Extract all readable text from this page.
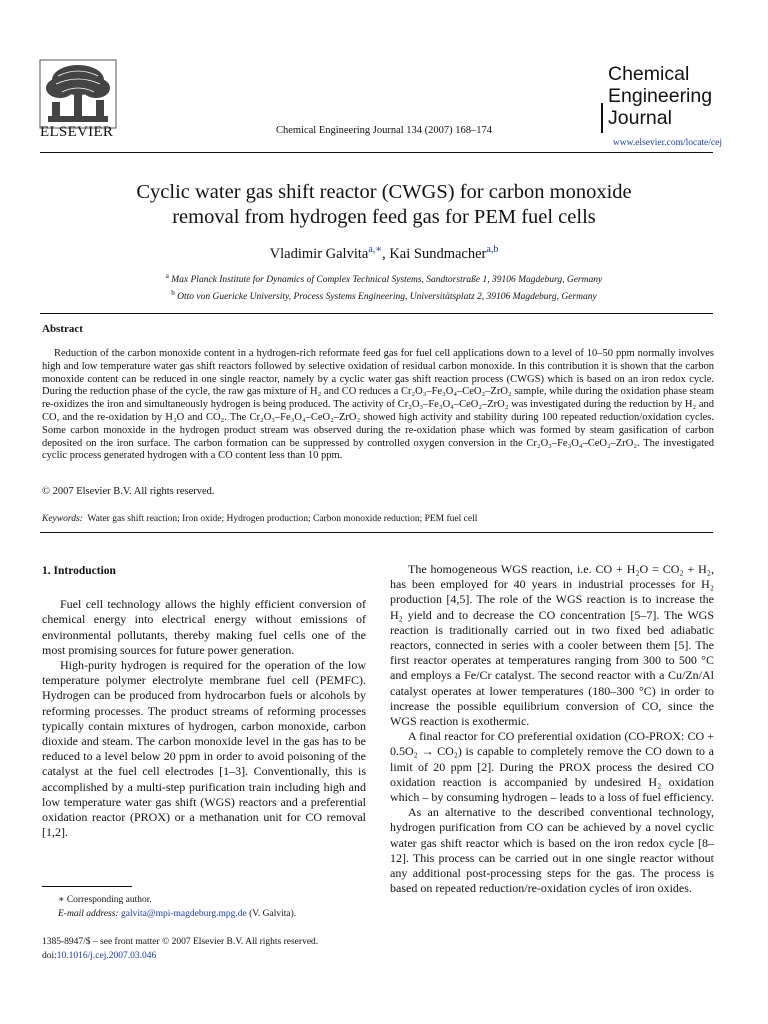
ELSEVIER	Chemical Engineering Journal 134 (2007) 168–174
Chemical
Engineering
Journal
www.elsevier.com/locate/cej
Cyclic water gas shift reactor (CWGS) for carbon monoxide
removal from hydrogen feed gas for PEM fuel cells
Vladimir Galvita$^{a,∗}$, Kai Sundmacher$^{a,b}$
$^a$ Max Planck Institute for Dynamics of Complex Technical Systems, Sandtorstraße 1, 39106 Magdeburg, Germany
$^b$ Otto von Guericke University, Process Systems Engineering, Universitätsplatz 2, 39106 Magdeburg, Germany
Abstract
Reduction of the carbon monoxide content in a hydrogen-rich reformate feed gas for fuel cell applications down to a level of 10–50 ppm normally involves high and low temperature water gas shift reactors followed by selective oxidation of residual carbon monoxide. In this contribution it is shown that the carbon monoxide content can be reduced in one single reactor, namely by a cyclic water gas shift reaction process (CWGS) which is based on an iron redox cycle. During the reduction phase of the cycle, the raw gas mixture of H₂ and CO reduces a Cr₂O₃–Fe₃O₄–CeO₂–ZrO₂ sample, while during the oxidation phase steam re-oxidizes the iron and simultaneously hydrogen is being produced. The activity of Cr₂O₃–Fe₃O₄–CeO₂–ZrO₂ was investigated during the reduction by H₂ and CO, and the re-oxidation by H₂O and CO₂. The Cr₂O₃–Fe₃O₄–CeO₂–ZrO₂ showed high activity and stability during 100 repeated reduction/oxidation cycles. Some carbon monoxide in the hydrogen product stream was observed during the re-oxidation phase which was formed by steam gasification of carbon deposited on the iron surface. The carbon formation can be suppressed by controlled oxygen conversion in the Cr₂O₃–Fe₃O₄–CeO₂–ZrO₂. The investigated cyclic process generated hydrogen with a CO content less than 10 ppm.
© 2007 Elsevier B.V. All rights reserved.
Keywords: Water gas shift reaction; Iron oxide; Hydrogen production; Carbon monoxide reduction; PEM fuel cell
1. Introduction

Fuel cell technology allows the highly efficient conversion of chemical energy into electrical energy without emissions of environmental pollutants, thereby making fuel cells one of the most promising sources for future power generation.

High-purity hydrogen is required for the operation of the low temperature polymer electrolyte membrane fuel cell (PEMFC). Hydrogen can be produced from hydrocarbon fuels or alcohols by reforming processes. The product streams of reforming processes typically contain mixtures of hydrogen, carbon monoxide, carbon dioxide and steam. The carbon monoxide level in the gas has to be reduced to a level below 20 ppm in order to avoid poisoning of the catalyst at the fuel cell electrodes [1–3]. Conventionally, this is accomplished by a multi-step purification train including high and low temperature water gas shift (WGS) reactors and a preferential oxidation reactor (PROX) or a methanation unit for CO removal [1,2].

The homogeneous WGS reaction, i.e. CO + H₂O = CO₂ + H₂, has been employed for 40 years in industrial processes for H₂ production [4,5]. The role of the WGS reaction is to increase the H₂ yield and to decrease the CO concentration [5–7]. The WGS reaction is traditionally carried out in two fixed bed adiabatic reactors, connected in series with a cooler between them [5]. The first reactor operates at temperatures ranging from 300 to 500 °C and employs a Fe/Cr catalyst. The second reactor with a Cu/Zn/Al catalyst operates at lower temperatures (180–300 °C) in order to increase the possible equilibrium conversion of CO, since the WGS reaction is exothermic.

A final reactor for CO preferential oxidation (CO-PROX: CO + 0.5O₂ → CO₂) is capable to completely remove the CO down to a limit of 20 ppm [2]. During the PROX process the desired CO oxidation reaction is accompanied by undesired H₂ oxidation which – by consuming hydrogen – leads to a loss of fuel efficiency.

As an alternative to the described conventional technology, hydrogen purification from CO can be achieved by a novel cyclic water gas shift reactor which is based on the iron redox cycle [8–12]. This process can be carried out in one single reactor without any additional post-processing steps for the gas. The process is based on repeated reduction/re-oxidation cycles of iron oxides.

∗ Corresponding author.
E-mail address: galvita@mpi-magdeburg.mpg.de (V. Galvita).
1385-8947/$ – see front matter © 2007 Elsevier B.V. All rights reserved.
doi:10.1016/j.cej.2007.03.046
